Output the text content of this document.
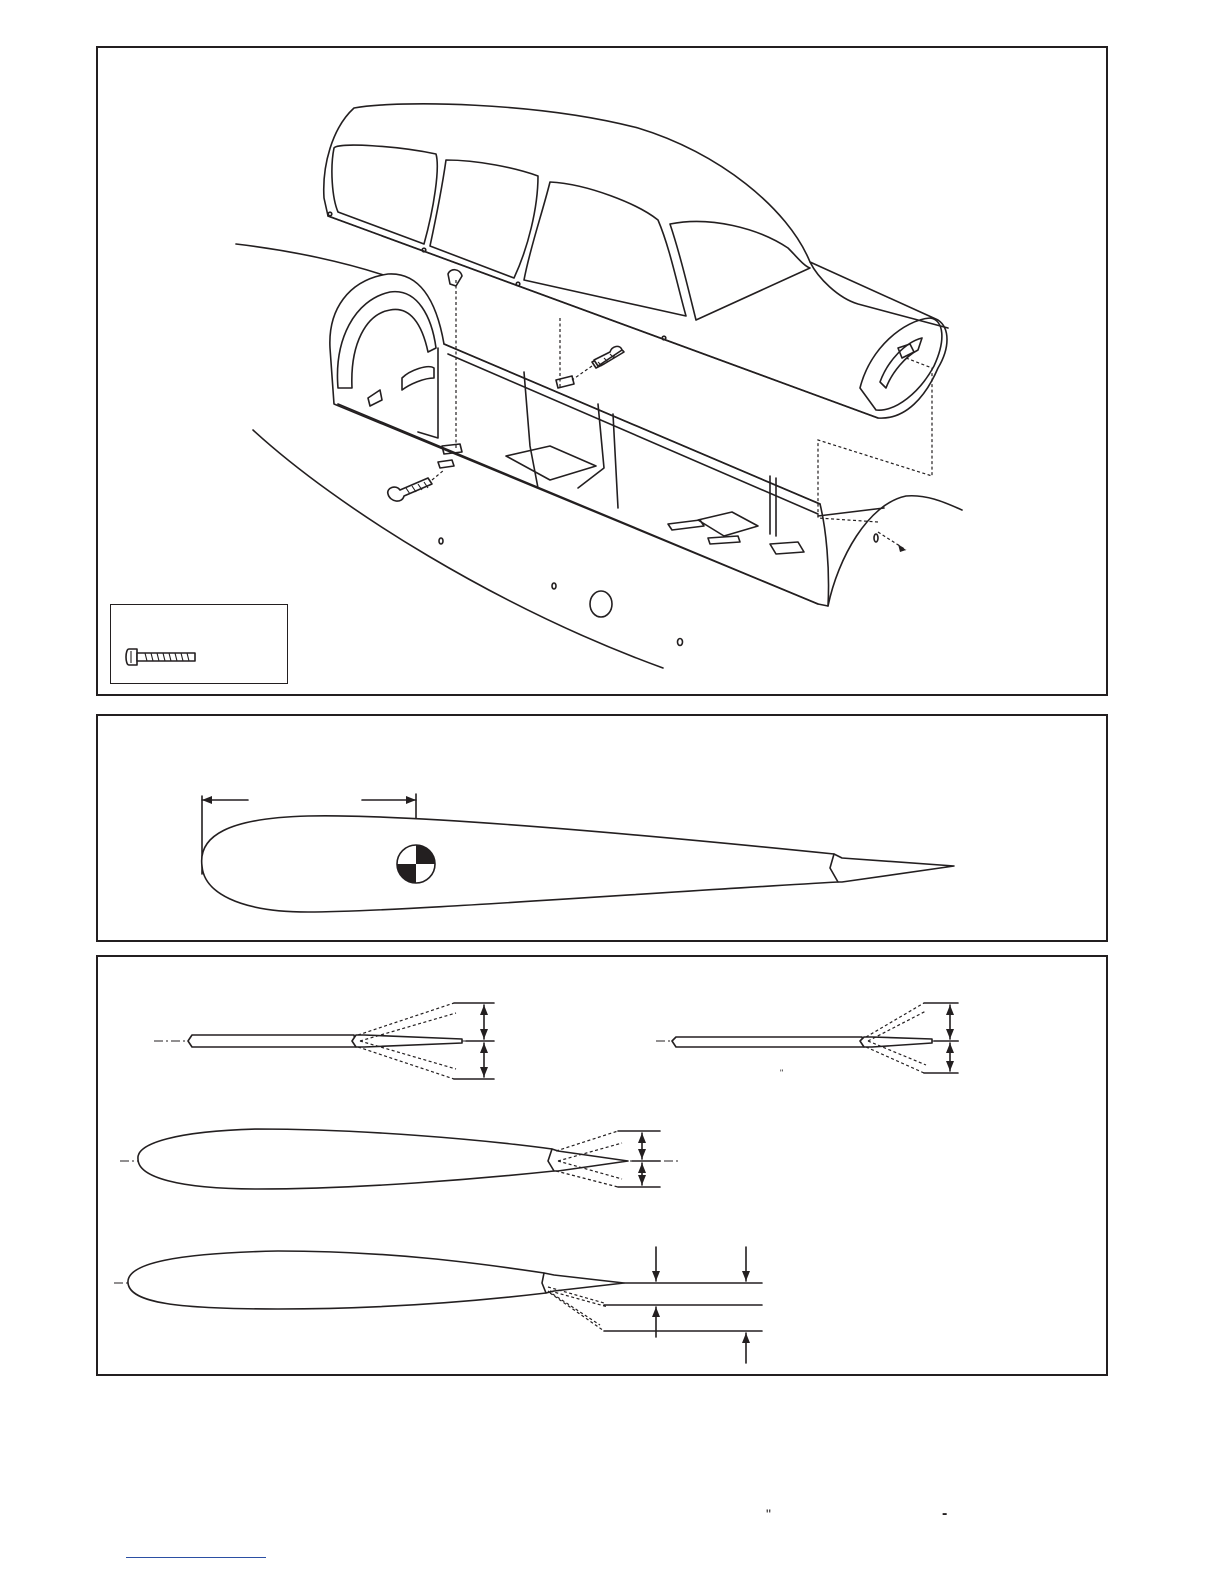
"
"	-
